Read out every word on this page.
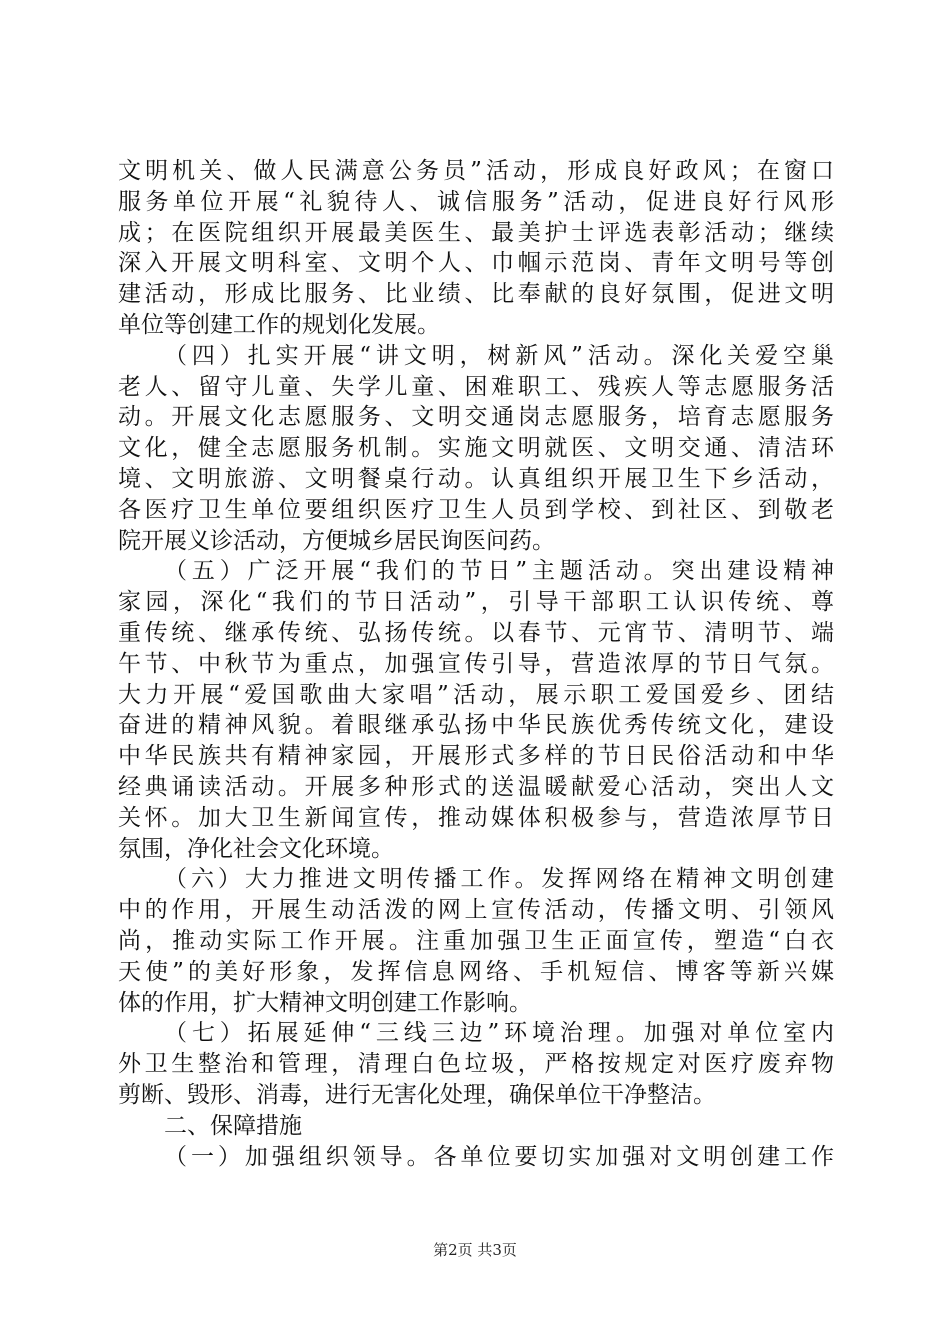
文明机关、做人民满意公务员”活动，形成良好政风；在窗口
服务单位开展“礼貌待人、诚信服务”活动，促进良好行风形
成；在医院组织开展最美医生、最美护士评选表彰活动；继续
深入开展文明科室、文明个人、巾帼示范岗、青年文明号等创
建活动，形成比服务、比业绩、比奉献的良好氛围，促进文明
单位等创建工作的规划化发展。
（四）扎实开展“讲文明，树新风”活动。深化关爱空巢
老人、留守儿童、失学儿童、困难职工、残疾人等志愿服务活
动。开展文化志愿服务、文明交通岗志愿服务，培育志愿服务
文化，健全志愿服务机制。实施文明就医、文明交通、清洁环
境、文明旅游、文明餐桌行动。认真组织开展卫生下乡活动，
各医疗卫生单位要组织医疗卫生人员到学校、到社区、到敬老
院开展义诊活动，方便城乡居民询医问药。
（五）广泛开展“我们的节日”主题活动。突出建设精神
家园，深化“我们的节日活动”，引导干部职工认识传统、尊
重传统、继承传统、弘扬传统。以春节、元宵节、清明节、端
午节、中秋节为重点，加强宣传引导，营造浓厚的节日气氛。
大力开展“爱国歌曲大家唱”活动，展示职工爱国爱乡、团结
奋进的精神风貌。着眼继承弘扬中华民族优秀传统文化，建设
中华民族共有精神家园，开展形式多样的节日民俗活动和中华
经典诵读活动。开展多种形式的送温暖献爱心活动，突出人文
关怀。加大卫生新闻宣传，推动媒体积极参与，营造浓厚节日
氛围，净化社会文化环境。
（六）大力推进文明传播工作。发挥网络在精神文明创建
中的作用，开展生动活泼的网上宣传活动，传播文明、引领风
尚，推动实际工作开展。注重加强卫生正面宣传，塑造“白衣
天使”的美好形象，发挥信息网络、手机短信、博客等新兴媒
体的作用，扩大精神文明创建工作影响。
（七）拓展延伸“三线三边”环境治理。加强对单位室内
外卫生整治和管理，清理白色垃圾，严格按规定对医疗废弃物
剪断、毁形、消毒，进行无害化处理，确保单位干净整洁。
二、保障措施
（一）加强组织领导。各单位要切实加强对文明创建工作
第2页 共3页
